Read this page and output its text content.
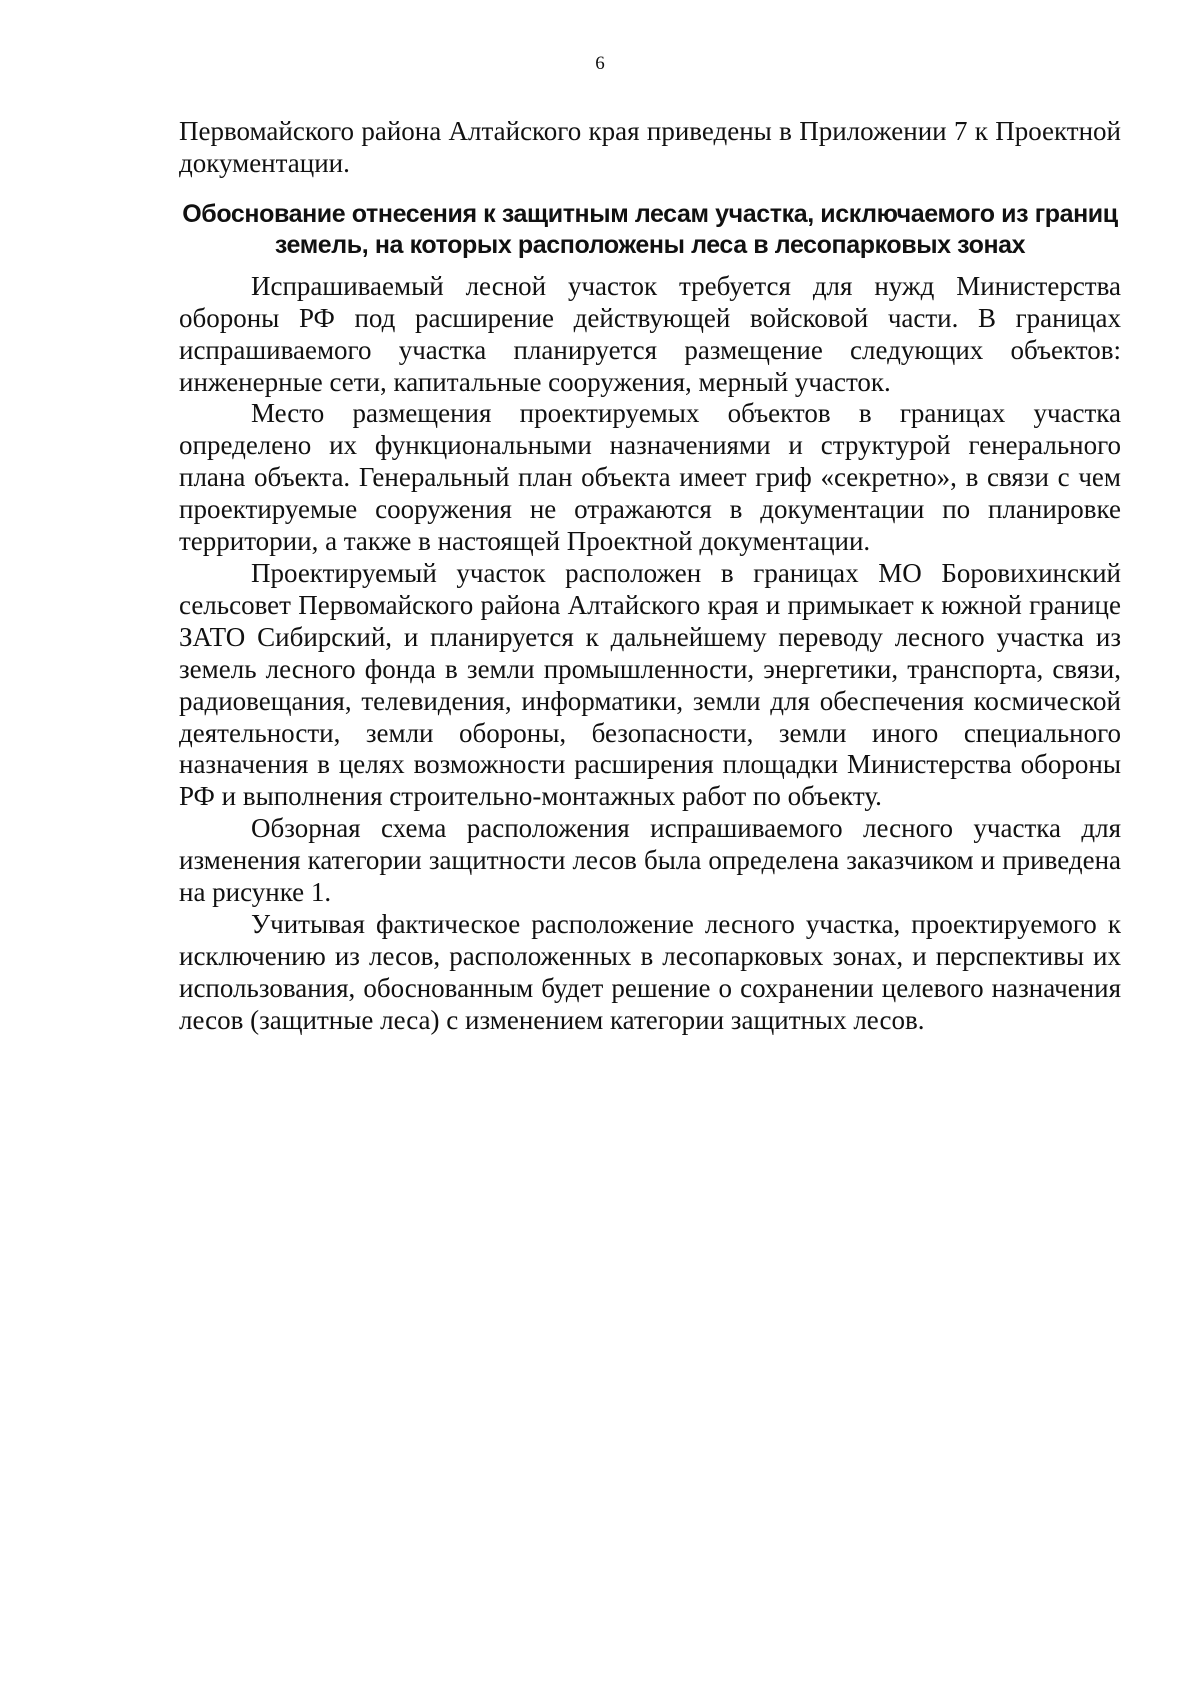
6

Первомайского района Алтайского края приведены в Приложении 7 к Проектной документации.

Обоснование отнесения к защитным лесам участка, исключаемого из границ земель, на которых расположены леса в лесопарковых зонах

Испрашиваемый лесной участок требуется для нужд Министерства обороны РФ под расширение действующей войсковой части. В границах испрашиваемого участка планируется размещение следующих объектов: инженерные сети, капитальные сооружения, мерный участок.

Место размещения проектируемых объектов в границах участка определено их функциональными назначениями и структурой генерального плана объекта. Генеральный план объекта имеет гриф «секретно», в связи с чем проектируемые сооружения не отражаются в документации по планировке территории, а также в настоящей Проектной документации.

Проектируемый участок расположен в границах МО Боровихинский сельсовет Первомайского района Алтайского края и примыкает к южной границе ЗАТО Сибирский, и планируется к дальнейшему переводу лесного участка из земель лесного фонда в земли промышленности, энергетики, транспорта, связи, радиовещания, телевидения, информатики, земли для обеспечения космической деятельности, земли обороны, безопасности, земли иного специального назначения в целях возможности расширения площадки Министерства обороны РФ и выполнения строительно-монтажных работ по объекту.

Обзорная схема расположения испрашиваемого лесного участка для изменения категории защитности лесов была определена заказчиком и приведена на рисунке 1.

Учитывая фактическое расположение лесного участка, проектируемого к исключению из лесов, расположенных в лесопарковых зонах, и перспективы их использования, обоснованным будет решение о сохранении целевого назначения лесов (защитные леса) с изменением категории защитных лесов.
